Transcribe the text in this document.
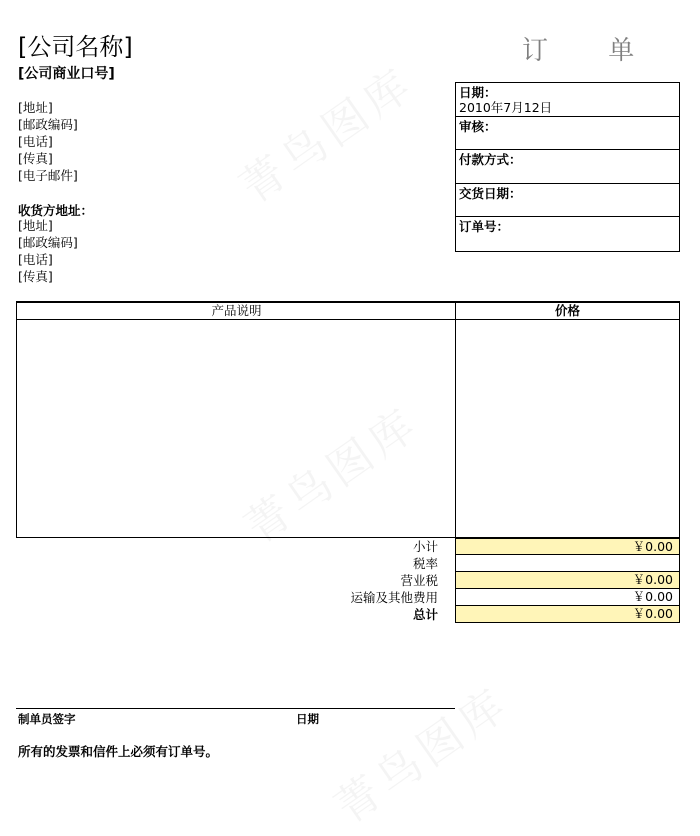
[公司名称]
[公司商业口号]
订 单
[地址]
[邮政编码]
[电话]
[传真]
[电子邮件]
收货方地址：
[地址]
[邮政编码]
[电话]
[传真]
日期：
2010年7月12日
审核：
付款方式：
交货日期：
订单号：
产品说明	价格
小计	￥0.00
税率
营业税	￥0.00
运输及其他费用	￥0.00
总计	￥0.00
制单员签字	日期
所有的发票和信件上必须有订单号。
